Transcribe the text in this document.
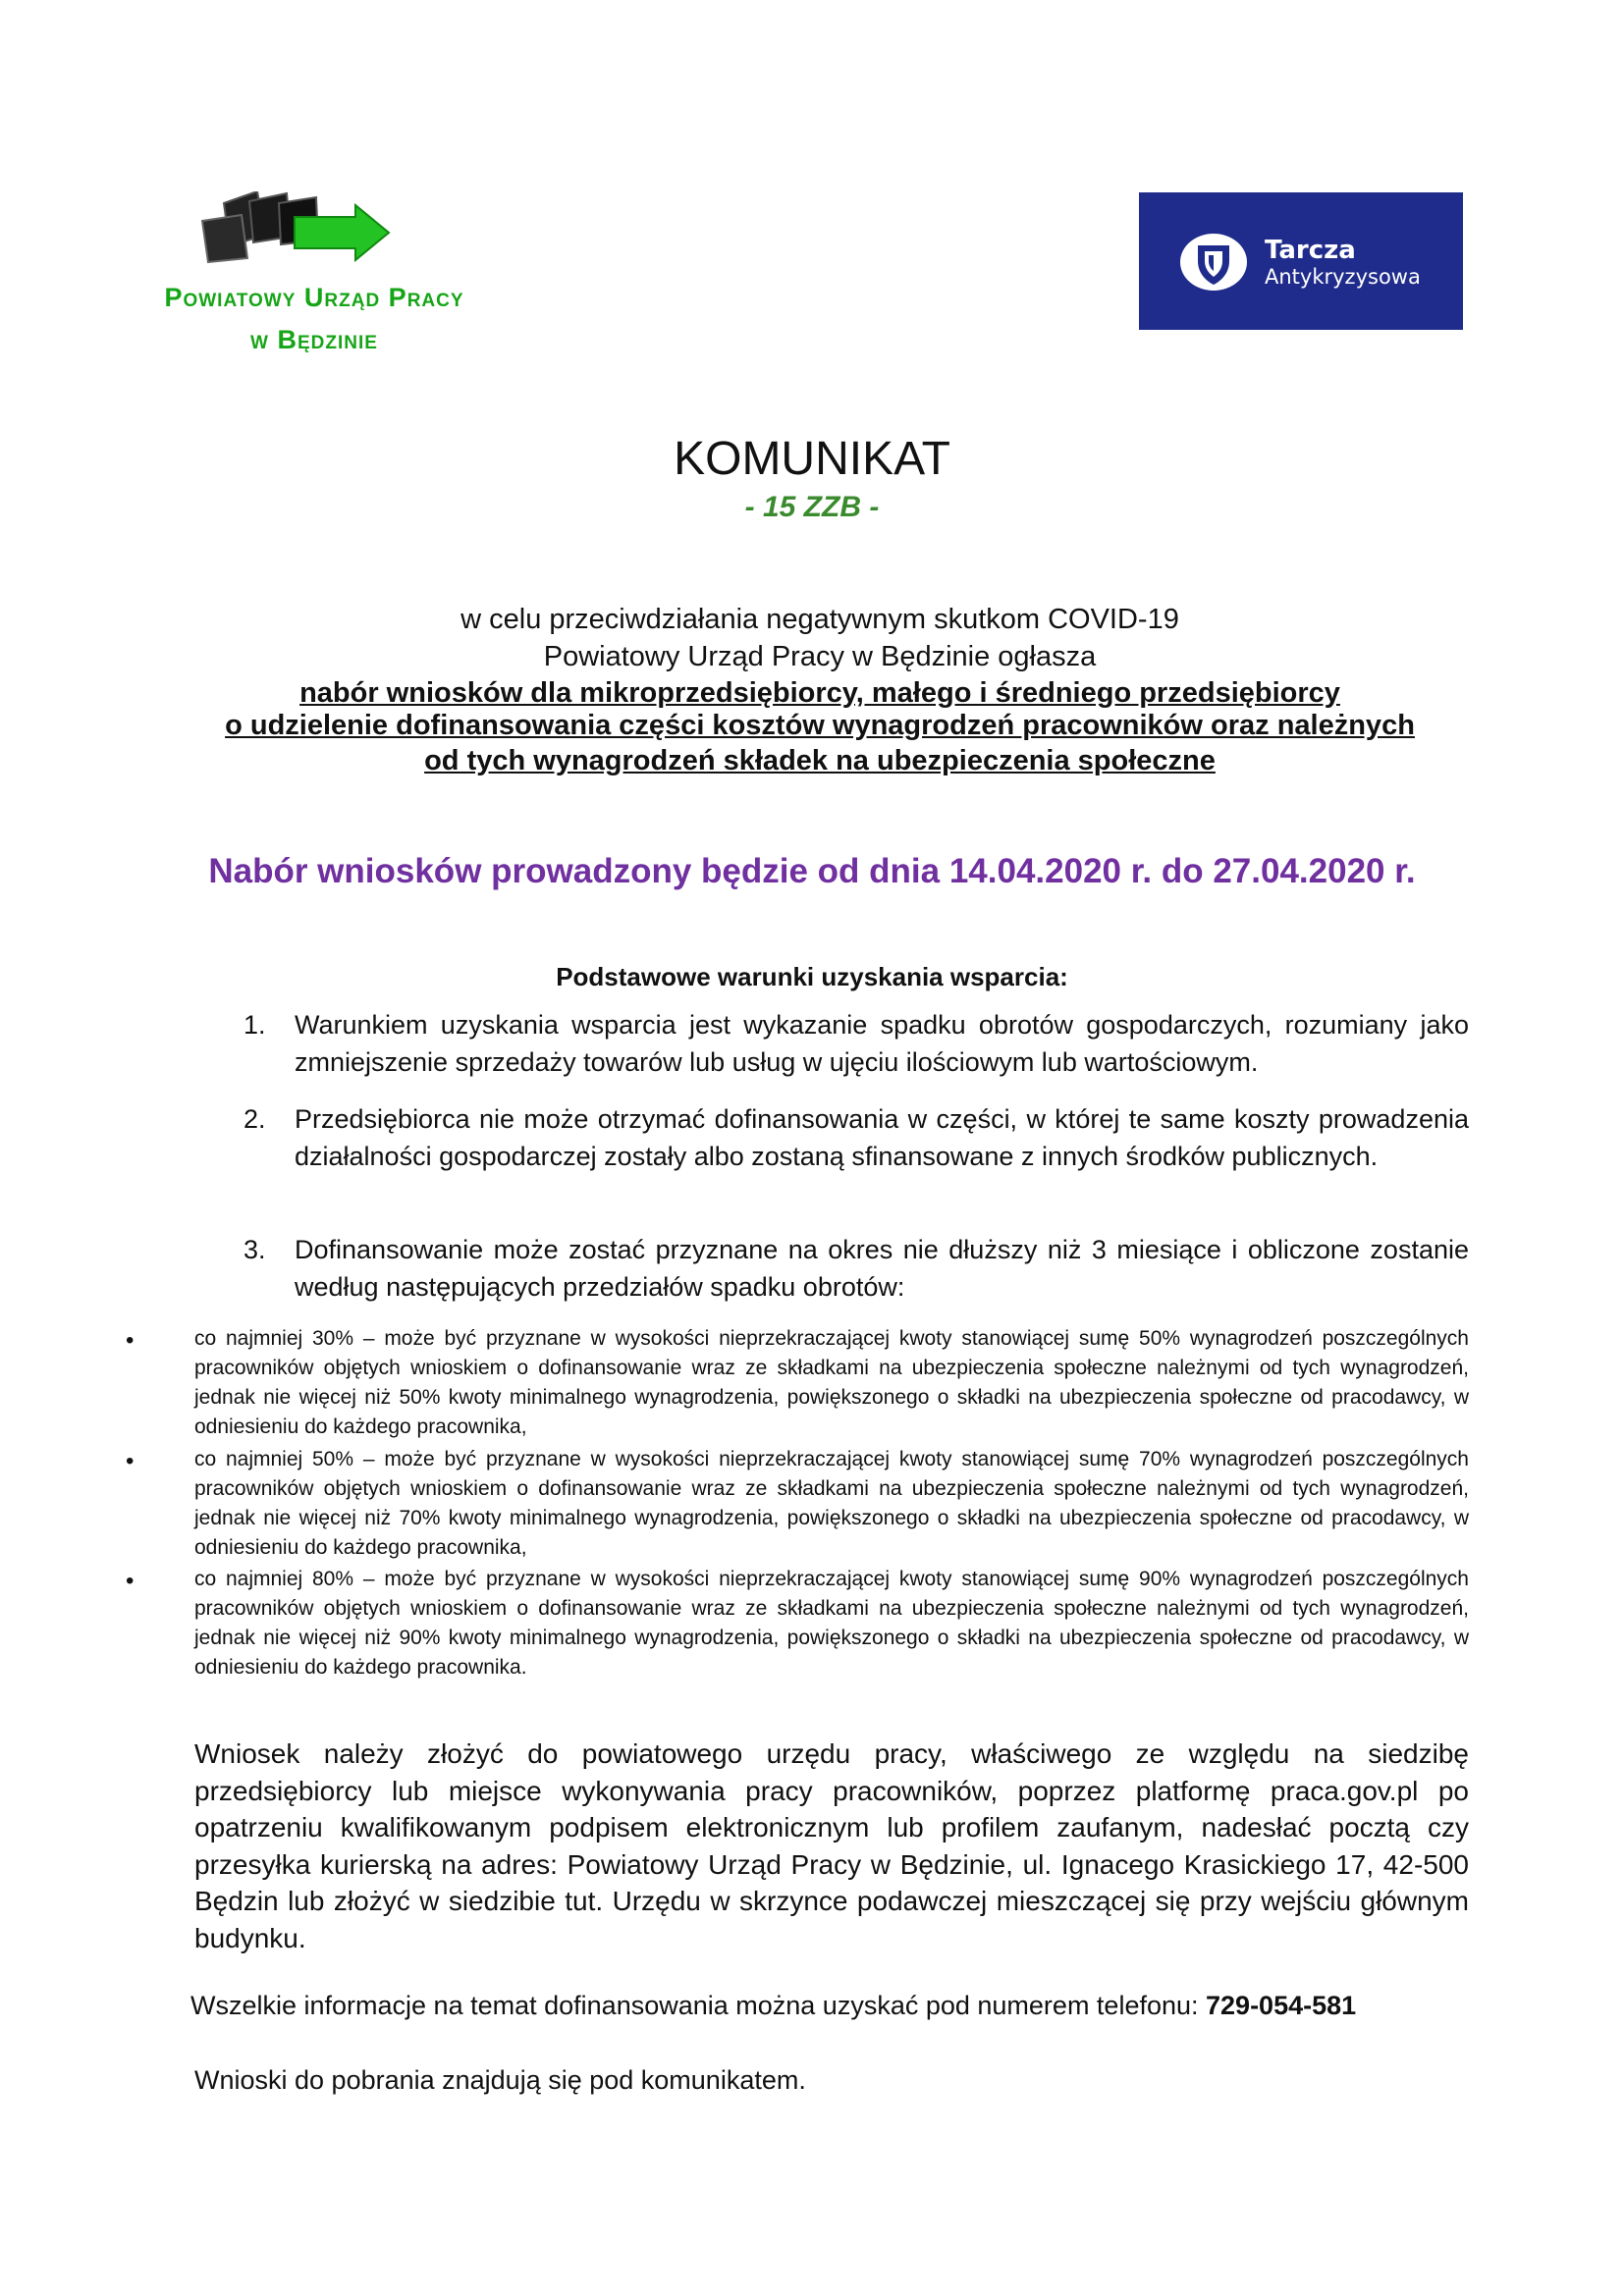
Powiatowy Urząd Pracy
w Będzinie
Tarcza
Antykryzysowa
KOMUNIKAT
- 15 ZZB -
w celu przeciwdziałania negatywnym skutkom COVID-19
Powiatowy Urząd Pracy w Będzinie ogłasza
nabór wniosków dla mikroprzedsiębiorcy, małego i średniego przedsiębiorcy
o udzielenie dofinansowania części kosztów wynagrodzeń pracowników oraz należnych
od tych wynagrodzeń składek na ubezpieczenia społeczne
Nabór wniosków prowadzony będzie od dnia 14.04.2020 r. do 27.04.2020 r.
Podstawowe warunki uzyskania wsparcia:
1. Warunkiem uzyskania wsparcia jest wykazanie spadku obrotów gospodarczych, rozumiany jako zmniejszenie sprzedaży towarów lub usług w ujęciu ilościowym lub wartościowym.
2. Przedsiębiorca nie może otrzymać dofinansowania w części, w której te same koszty prowadzenia działalności gospodarczej zostały albo zostaną sfinansowane z innych środków publicznych.
3. Dofinansowanie może zostać przyznane na okres nie dłuższy niż 3 miesiące i obliczone zostanie według następujących przedziałów spadku obrotów:
•	co najmniej 30% – może być przyznane w wysokości nieprzekraczającej kwoty stanowiącej sumę 50% wynagrodzeń poszczególnych pracowników objętych wnioskiem o dofinansowanie wraz ze składkami na ubezpieczenia społeczne należnymi od tych wynagrodzeń, jednak nie więcej niż 50% kwoty minimalnego wynagrodzenia, powiększonego o składki na ubezpieczenia społeczne od pracodawcy, w odniesieniu do każdego pracownika,
•	co najmniej 50% – może być przyznane w wysokości nieprzekraczającej kwoty stanowiącej sumę 70% wynagrodzeń poszczególnych pracowników objętych wnioskiem o dofinansowanie wraz ze składkami na ubezpieczenia społeczne należnymi od tych wynagrodzeń, jednak nie więcej niż 70% kwoty minimalnego wynagrodzenia, powiększonego o składki na ubezpieczenia społeczne od pracodawcy, w odniesieniu do każdego pracownika,
•	co najmniej 80% – może być przyznane w wysokości nieprzekraczającej kwoty stanowiącej sumę 90% wynagrodzeń poszczególnych pracowników objętych wnioskiem o dofinansowanie wraz ze składkami na ubezpieczenia społeczne należnymi od tych wynagrodzeń, jednak nie więcej niż 90% kwoty minimalnego wynagrodzenia, powiększonego o składki na ubezpieczenia społeczne od pracodawcy, w odniesieniu do każdego pracownika.
Wniosek należy złożyć do powiatowego urzędu pracy, właściwego ze względu na siedzibę przedsiębiorcy lub miejsce wykonywania pracy pracowników, poprzez platformę praca.gov.pl po opatrzeniu kwalifikowanym podpisem elektronicznym lub profilem zaufanym, nadesłać pocztą czy przesyłka kurierską na adres: Powiatowy Urząd Pracy w Będzinie, ul. Ignacego Krasickiego 17, 42-500 Będzin lub złożyć w siedzibie tut. Urzędu w skrzynce podawczej mieszczącej się przy wejściu głównym budynku.
Wszelkie informacje na temat dofinansowania można uzyskać pod numerem telefonu: 729-054-581
Wnioski do pobrania znajdują się pod komunikatem.
